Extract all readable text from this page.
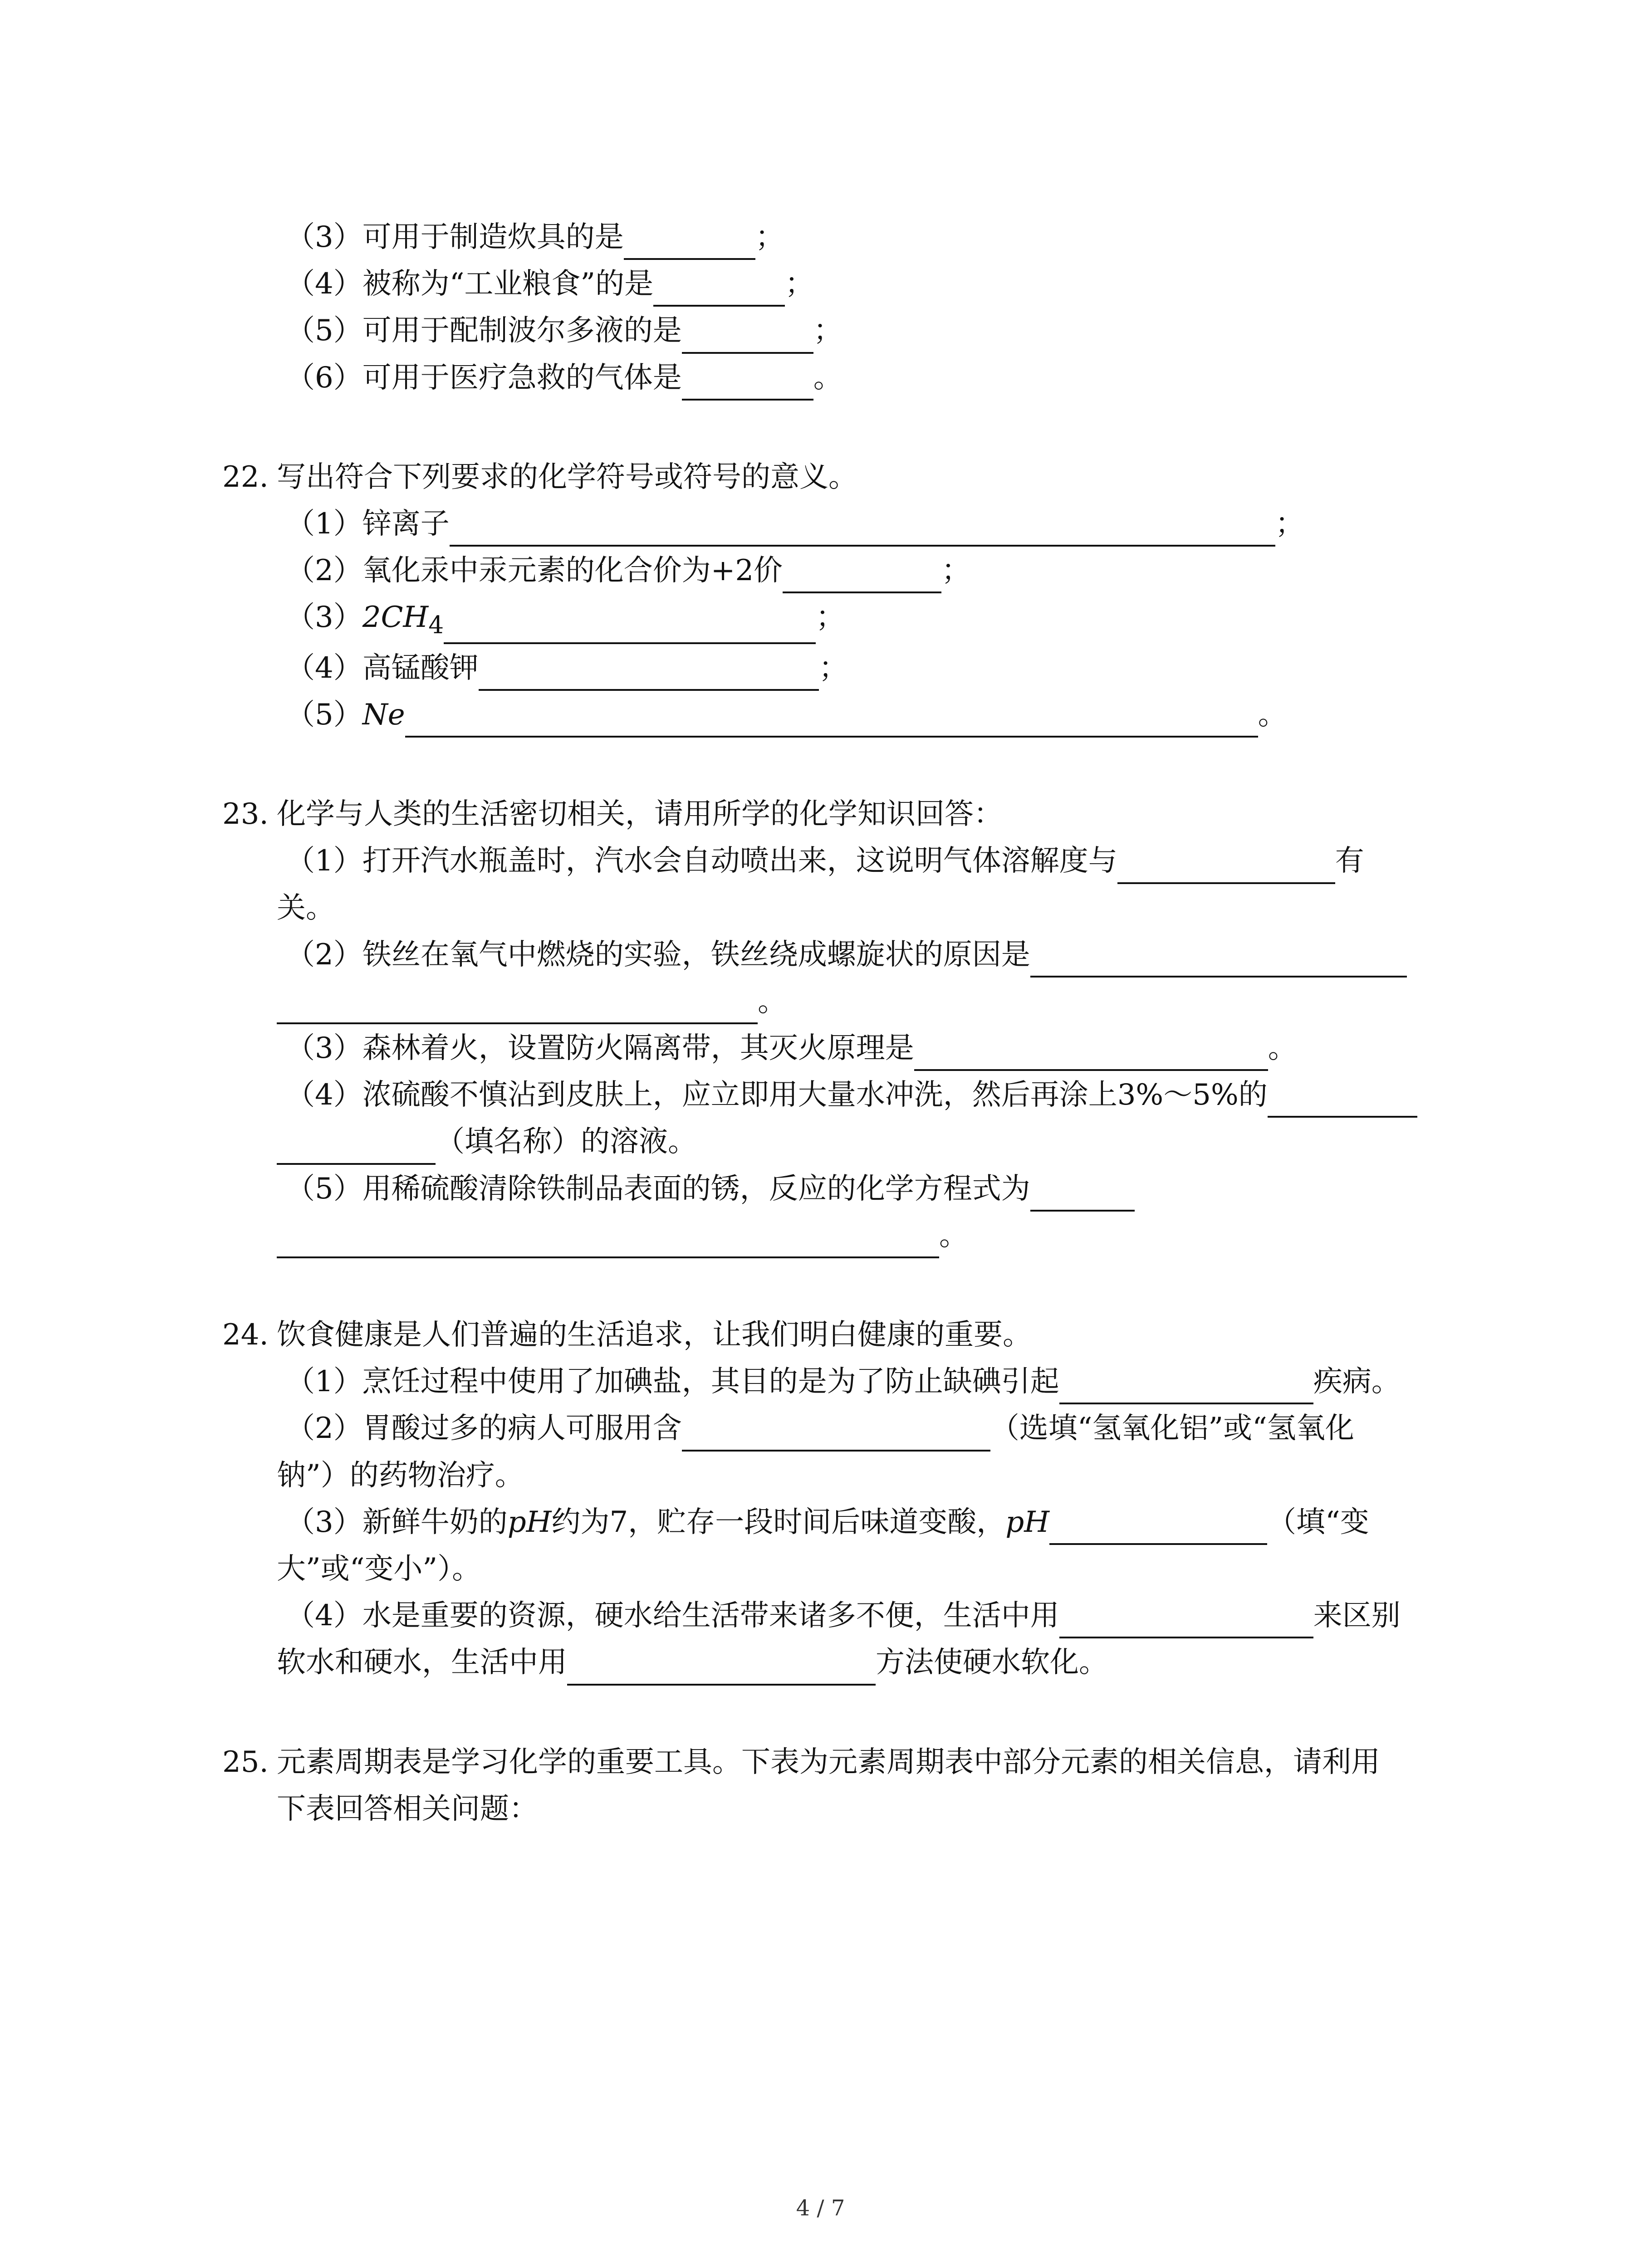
（3）可用于制造炊具的是	；
（4）被称为“工业粮食”的是	；
（5）可用于配制波尔多液的是	；
（6）可用于医疗急救的气体是	。
22. 写出符合下列要求的化学符号或符号的意义。
（1）锌离子	；
（2）氧化汞中汞元素的化合价为+2价	；
$(3)2CH_4$	；
（4）高锰酸钾	；
（5）Ne	。
23. 化学与人类的生活密切相关，请用所学的化学知识回答：
（1）打开汽水瓶盖时，汽水会自动喷出来，这说明气体溶解度与	有
关。
（2）铁丝在氧气中燃烧的实验，铁丝绕成螺旋状的原因是
。
（3）森林着火，设置防火隔离带，其灭火原理是	。
（4）浓硫酸不慎沾到皮肤上，应立即用大量水冲洗，然后再涂上3%～5%的
（填名称）的溶液。
（5）用稀硫酸清除铁制品表面的锈，反应的化学方程式为
。
24. 饮食健康是人们普遍的生活追求，让我们明白健康的重要。
（1）烹饪过程中使用了加碘盐，其目的是为了防止缺碘引起	疾病。
（2）胃酸过多的病人可服用含	（选填“氢氧化铝”或“氢氧化
钠”）的药物治疗。
（3）新鲜牛奶的pH约为7，贮存一段时间后味道变酸，pH	（填“变
大”或“变小”）。
（4）水是重要的资源，硬水给生活带来诸多不便，生活中用	来区别
软水和硬水，生活中用	方法使硬水软化。
25. 元素周期表是学习化学的重要工具。下表为元素周期表中部分元素的相关信息，请利用
下表回答相关问题：
4 / 7
